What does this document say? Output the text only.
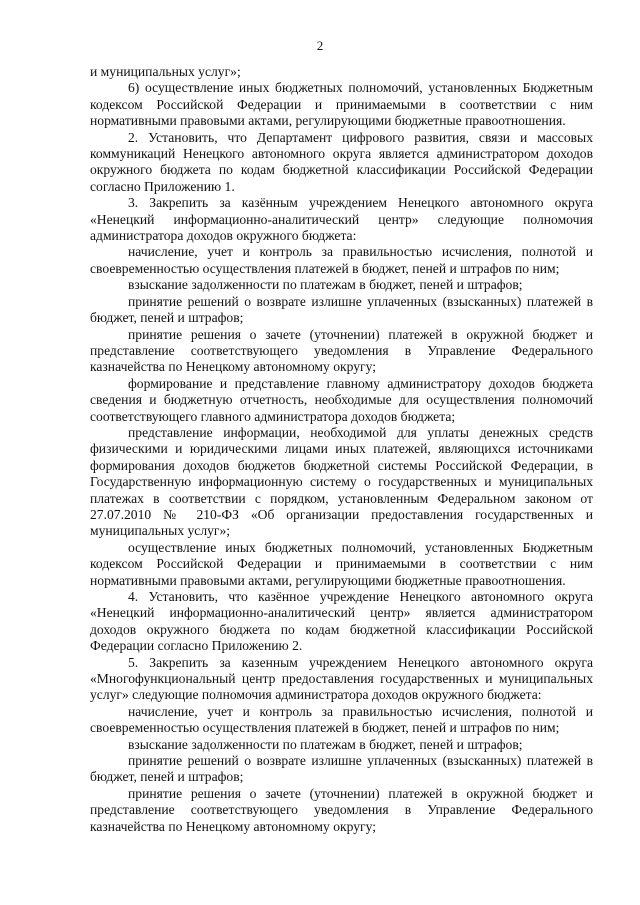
2

и муниципальных услуг»;

6) осуществление иных бюджетных полномочий, установленных Бюджетным кодексом Российской Федерации и принимаемыми в соответствии с ним нормативными правовыми актами, регулирующими бюджетные правоотношения.

2. Установить, что Департамент цифрового развития, связи и массовых коммуникаций Ненецкого автономного округа является администратором доходов окружного бюджета по кодам бюджетной классификации Российской Федерации согласно Приложению 1.

3. Закрепить за казённым учреждением Ненецкого автономного округа «Ненецкий информационно-аналитический центр» следующие полномочия администратора доходов окружного бюджета:

начисление, учет и контроль за правильностью исчисления, полнотой и своевременностью осуществления платежей в бюджет, пеней и штрафов по ним;

взыскание задолженности по платежам в бюджет, пеней и штрафов;

принятие решений о возврате излишне уплаченных (взысканных) платежей в бюджет, пеней и штрафов;

принятие решения о зачете (уточнении) платежей в окружной бюджет и представление соответствующего уведомления в Управление Федерального казначейства по Ненецкому автономному округу;

формирование и представление главному администратору доходов бюджета сведения и бюджетную отчетность, необходимые для осуществления полномочий соответствующего главного администратора доходов бюджета;

представление информации, необходимой для уплаты денежных средств физическими и юридическими лицами иных платежей, являющихся источниками формирования доходов бюджетов бюджетной системы Российской Федерации, в Государственную информационную систему о государственных и муниципальных платежах в соответствии с порядком, установленным Федеральном законом от 27.07.2010 № 210-ФЗ «Об организации предоставления государственных и муниципальных услуг»;

осуществление иных бюджетных полномочий, установленных Бюджетным кодексом Российской Федерации и принимаемыми в соответствии с ним нормативными правовыми актами, регулирующими бюджетные правоотношения.

4. Установить, что казённое учреждение Ненецкого автономного округа «Ненецкий информационно-аналитический центр» является администратором доходов окружного бюджета по кодам бюджетной классификации Российской Федерации согласно Приложению 2.

5. Закрепить за казенным учреждением Ненецкого автономного округа «Многофункциональный центр предоставления государственных и муниципальных услуг» следующие полномочия администратора доходов окружного бюджета:

начисление, учет и контроль за правильностью исчисления, полнотой и своевременностью осуществления платежей в бюджет, пеней и штрафов по ним;

взыскание задолженности по платежам в бюджет, пеней и штрафов;

принятие решений о возврате излишне уплаченных (взысканных) платежей в бюджет, пеней и штрафов;

принятие решения о зачете (уточнении) платежей в окружной бюджет и представление соответствующего уведомления в Управление Федерального казначейства по Ненецкому автономному округу;
